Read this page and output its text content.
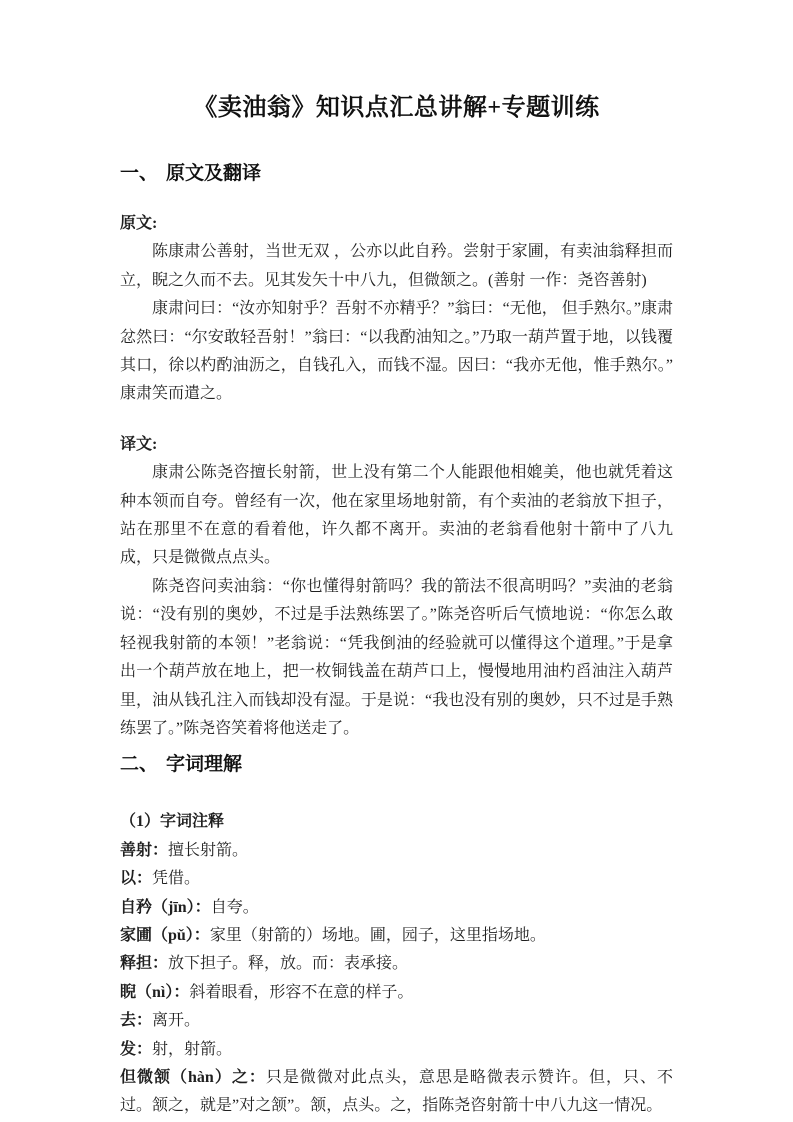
《卖油翁》知识点汇总讲解+专题训练
一、 原文及翻译

原文:

陈康肃公善射，当世无双 ，公亦以此自矜。尝射于家圃，有卖油翁释担而立，睨之久而不去。见其发矢十中八九，但微颔之。(善射 一作：尧咨善射)

康肃问曰：“汝亦知射乎？吾射不亦精乎？”翁曰：“无他， 但手熟尔。”康肃忿然曰：“尔安敢轻吾射！”翁曰：“以我酌油知之。”乃取一葫芦置于地，以钱覆其口，徐以杓酌油沥之，自钱孔入，而钱不湿。因曰：“我亦无他，惟手熟尔。”康肃笑而遣之。

译文:

康肃公陈尧咨擅长射箭，世上没有第二个人能跟他相媲美，他也就凭着这种本领而自夸。曾经有一次，他在家里场地射箭，有个卖油的老翁放下担子，站在那里不在意的看着他，许久都不离开。卖油的老翁看他射十箭中了八九成，只是微微点点头。

陈尧咨问卖油翁：“你也懂得射箭吗？我的箭法不很高明吗？”卖油的老翁说：“没有别的奥妙，不过是手法熟练罢了。”陈尧咨听后气愤地说：“你怎么敢轻视我射箭的本领！”老翁说：“凭我倒油的经验就可以懂得这个道理。”于是拿出一个葫芦放在地上，把一枚铜钱盖在葫芦口上，慢慢地用油杓舀油注入葫芦里，油从钱孔注入而钱却没有湿。于是说：“我也没有别的奥妙，只不过是手熟练罢了。”陈尧咨笑着将他送走了。

二、 字词理解

（1）字词注释

善射：擅长射箭。

以：凭借。

自矜（jīn）：自夸。

家圃（pǔ）：家里（射箭的）场地。圃，园子，这里指场地。

释担：放下担子。释，放。而：表承接。

睨（nì）：斜着眼看，形容不在意的样子。

去：离开。

发：射，射箭。

但微颔（hàn）之：只是微微对此点头，意思是略微表示赞许。但，只、不过。颔之，就是”对之颔”。颔，点头。之，指陈尧咨射箭十中八九这一情况。
